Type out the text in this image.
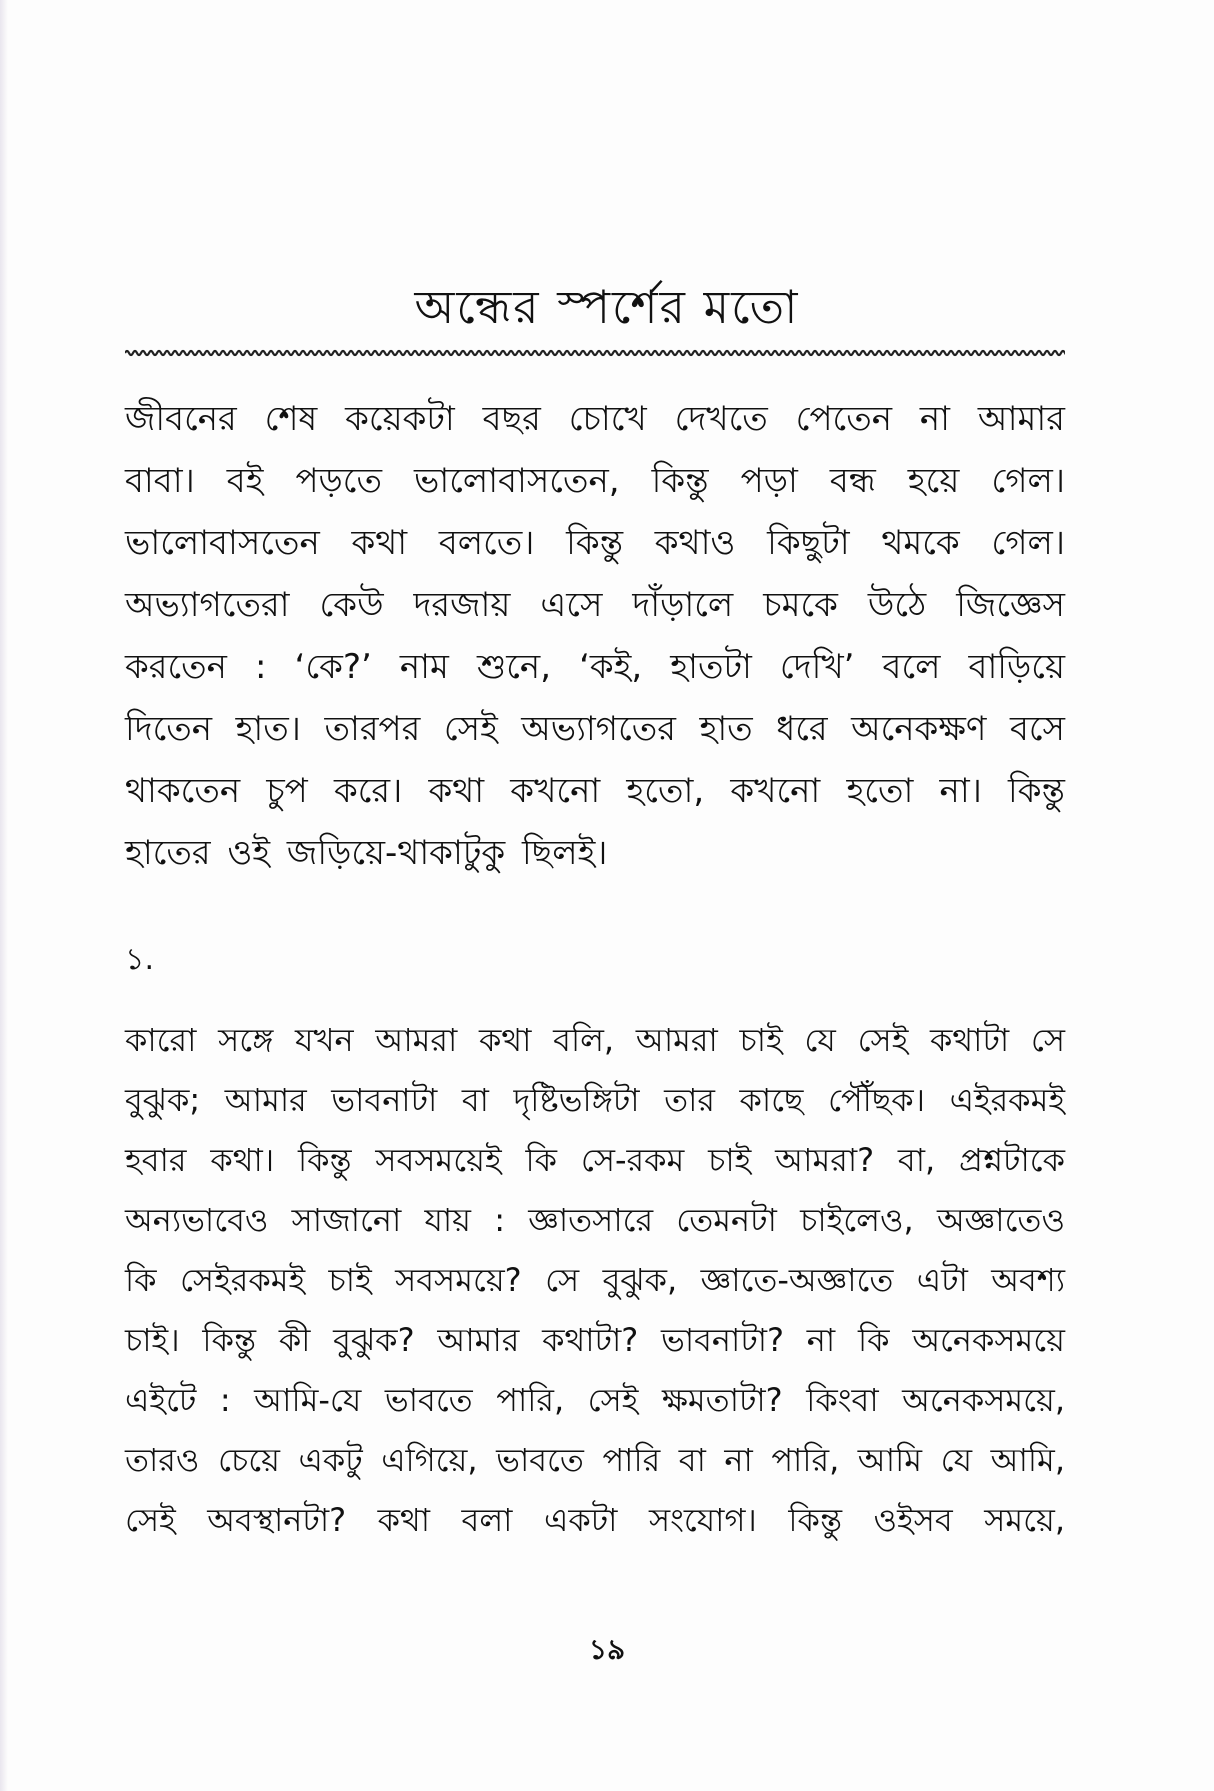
অন্ধের স্পর্শের মতো
জীবনের শেষ কয়েকটা বছর চোখে দেখতে পেতেন না আমার
বাবা। বই পড়তে ভালোবাসতেন, কিন্তু পড়া বন্ধ হয়ে গেল।
ভালোবাসতেন কথা বলতে। কিন্তু কথাও কিছুটা থমকে গেল।
অভ্যাগতেরা কেউ দরজায় এসে দাঁড়ালে চমকে উঠে জিজ্ঞেস
করতেন : ‘কে?’ নাম শুনে, ‘কই, হাতটা দেখি’ বলে বাড়িয়ে
দিতেন হাত। তারপর সেই অভ্যাগতের হাত ধরে অনেকক্ষণ বসে
থাকতেন চুপ করে। কথা কখনো হতো, কখনো হতো না। কিন্তু
হাতের ওই জড়িয়ে-থাকাটুকু ছিলই।
১.
কারো সঙ্গে যখন আমরা কথা বলি, আমরা চাই যে সেই কথাটা সে
বুঝুক; আমার ভাবনাটা বা দৃষ্টিভঙ্গিটা তার কাছে পৌঁছক। এইরকমই
হবার কথা। কিন্তু সবসময়েই কি সে-রকম চাই আমরা? বা, প্রশ্নটাকে
অন্যভাবেও সাজানো যায় : জ্ঞাতসারে তেমনটা চাইলেও, অজ্ঞাতেও
কি সেইরকমই চাই সবসময়ে? সে বুঝুক, জ্ঞাতে-অজ্ঞাতে এটা অবশ্য
চাই। কিন্তু কী বুঝুক? আমার কথাটা? ভাবনাটা? না কি অনেকসময়ে
এইটে : আমি-যে ভাবতে পারি, সেই ক্ষমতাটা? কিংবা অনেকসময়ে,
তারও চেয়ে একটু এগিয়ে, ভাবতে পারি বা না পারি, আমি যে আমি,
সেই অবস্থানটা? কথা বলা একটা সংযোগ। কিন্তু ওইসব সময়ে,
১৯
